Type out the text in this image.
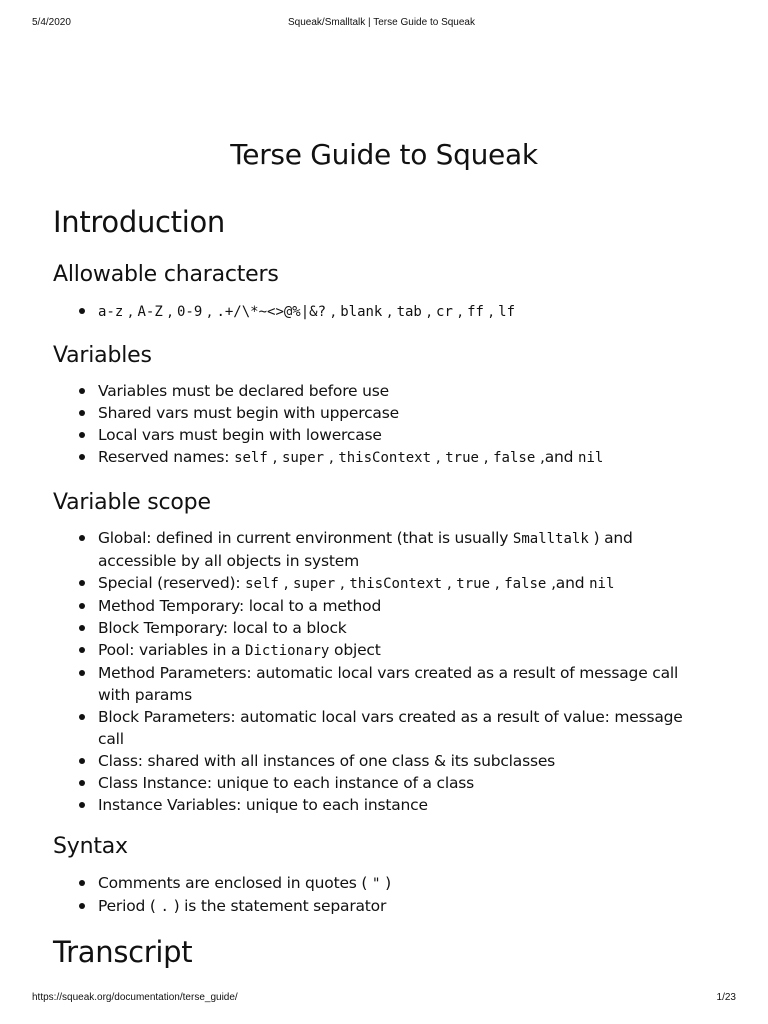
5/4/2020	Squeak/Smalltalk | Terse Guide to Squeak
Terse Guide to Squeak
Introduction
Allowable characters
a-z , A-Z , 0-9 , .+/\*~<>@%|&? , blank , tab , cr , ff , lf
Variables
Variables must be declared before use
Shared vars must begin with uppercase
Local vars must begin with lowercase
Reserved names: self , super , thisContext , true , false ,and nil
Variable scope
Global: defined in current environment (that is usually Smalltalk ) and accessible by all objects in system
Special (reserved): self , super , thisContext , true , false ,and nil
Method Temporary: local to a method
Block Temporary: local to a block
Pool: variables in a Dictionary object
Method Parameters: automatic local vars created as a result of message call with params
Block Parameters: automatic local vars created as a result of value: message call
Class: shared with all instances of one class & its subclasses
Class Instance: unique to each instance of a class
Instance Variables: unique to each instance
Syntax
Comments are enclosed in quotes ( " )
Period ( . ) is the statement separator
Transcript
https://squeak.org/documentation/terse_guide/	1/23
